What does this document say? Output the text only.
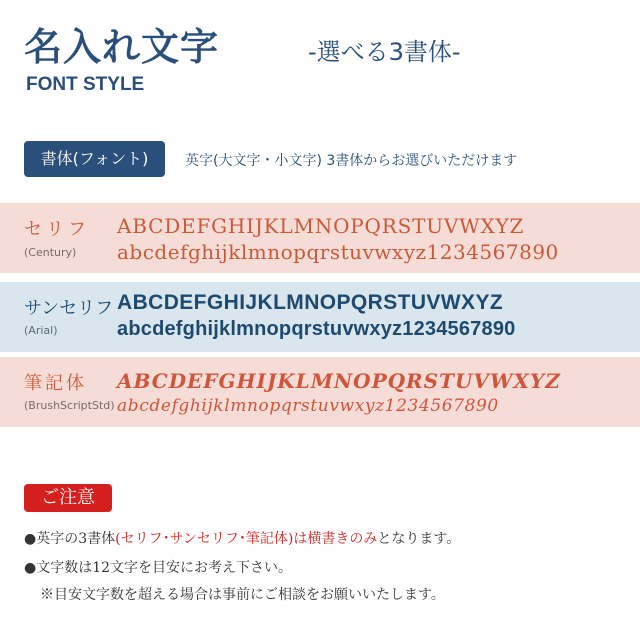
名入れ文字	-選べる3書体-
FONT STYLE
書体(フォント)	英字(大文字・小文字) 3書体からお選びいただけます
セリフ
(Century)
ABCDEFGHIJKLMNOPQRSTUVWXYZ
abcdefghijklmnopqrstuvwxyz1234567890
サンセリフ
(Arial)
ABCDEFGHIJKLMNOPQRSTUVWXYZ
abcdefghijklmnopqrstuvwxyz1234567890
筆記体
(BrushScriptStd)
ABCDEFGHIJKLMNOPQRSTUVWXYZ
abcdefghijklmnopqrstuvwxyz1234567890
ご注意
●英字の3書体(セリフ･サンセリフ･筆記体)は横書きのみとなります。
●文字数は12文字を目安にお考え下さい。
※目安文字数を超える場合は事前にご相談をお願いいたします。
